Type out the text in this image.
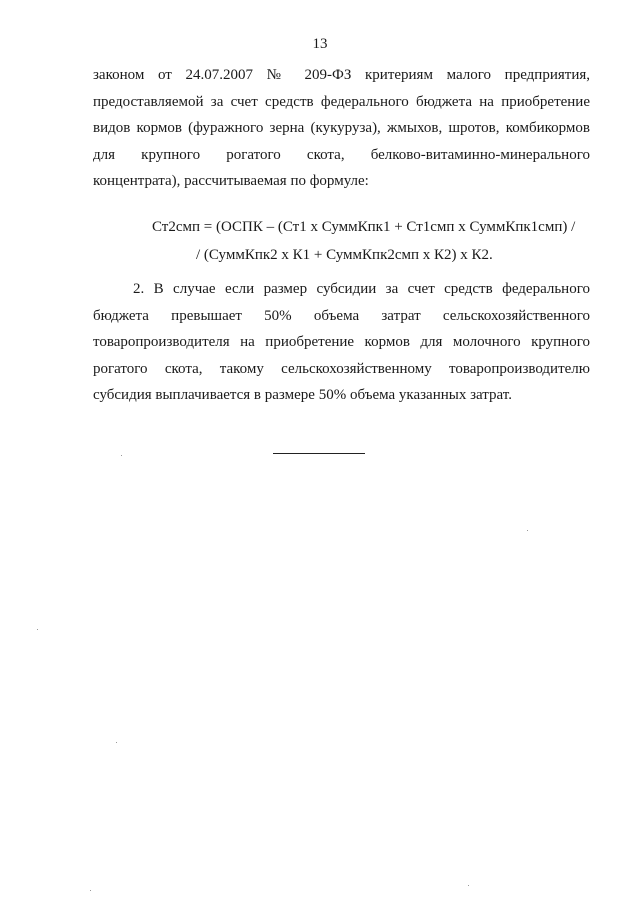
13
законом от 24.07.2007 № 209-ФЗ критериям малого предприятия,
предоставляемой за счет средств федерального бюджета на приобретение
видов кормов (фуражного зерна (кукуруза), жмыхов, шротов, комбикормов
для крупного рогатого скота, белково-витаминно-минерального
концентрата), рассчитываемая по формуле:
Ст2смп = (ОСПК – (Ст1 х СуммКпк1 + Ст1смп х СуммКпк1смп) /
/ (СуммКпк2 х К1 + СуммКпк2смп х К2) х К2.
2. В случае если размер субсидии за счет средств федерального
бюджета превышает 50% объема затрат сельскохозяйственного
товаропроизводителя на приобретение кормов для молочного крупного
рогатого скота, такому сельскохозяйственному товаропроизводителю
субсидия выплачивается в размере 50% объема указанных затрат.
